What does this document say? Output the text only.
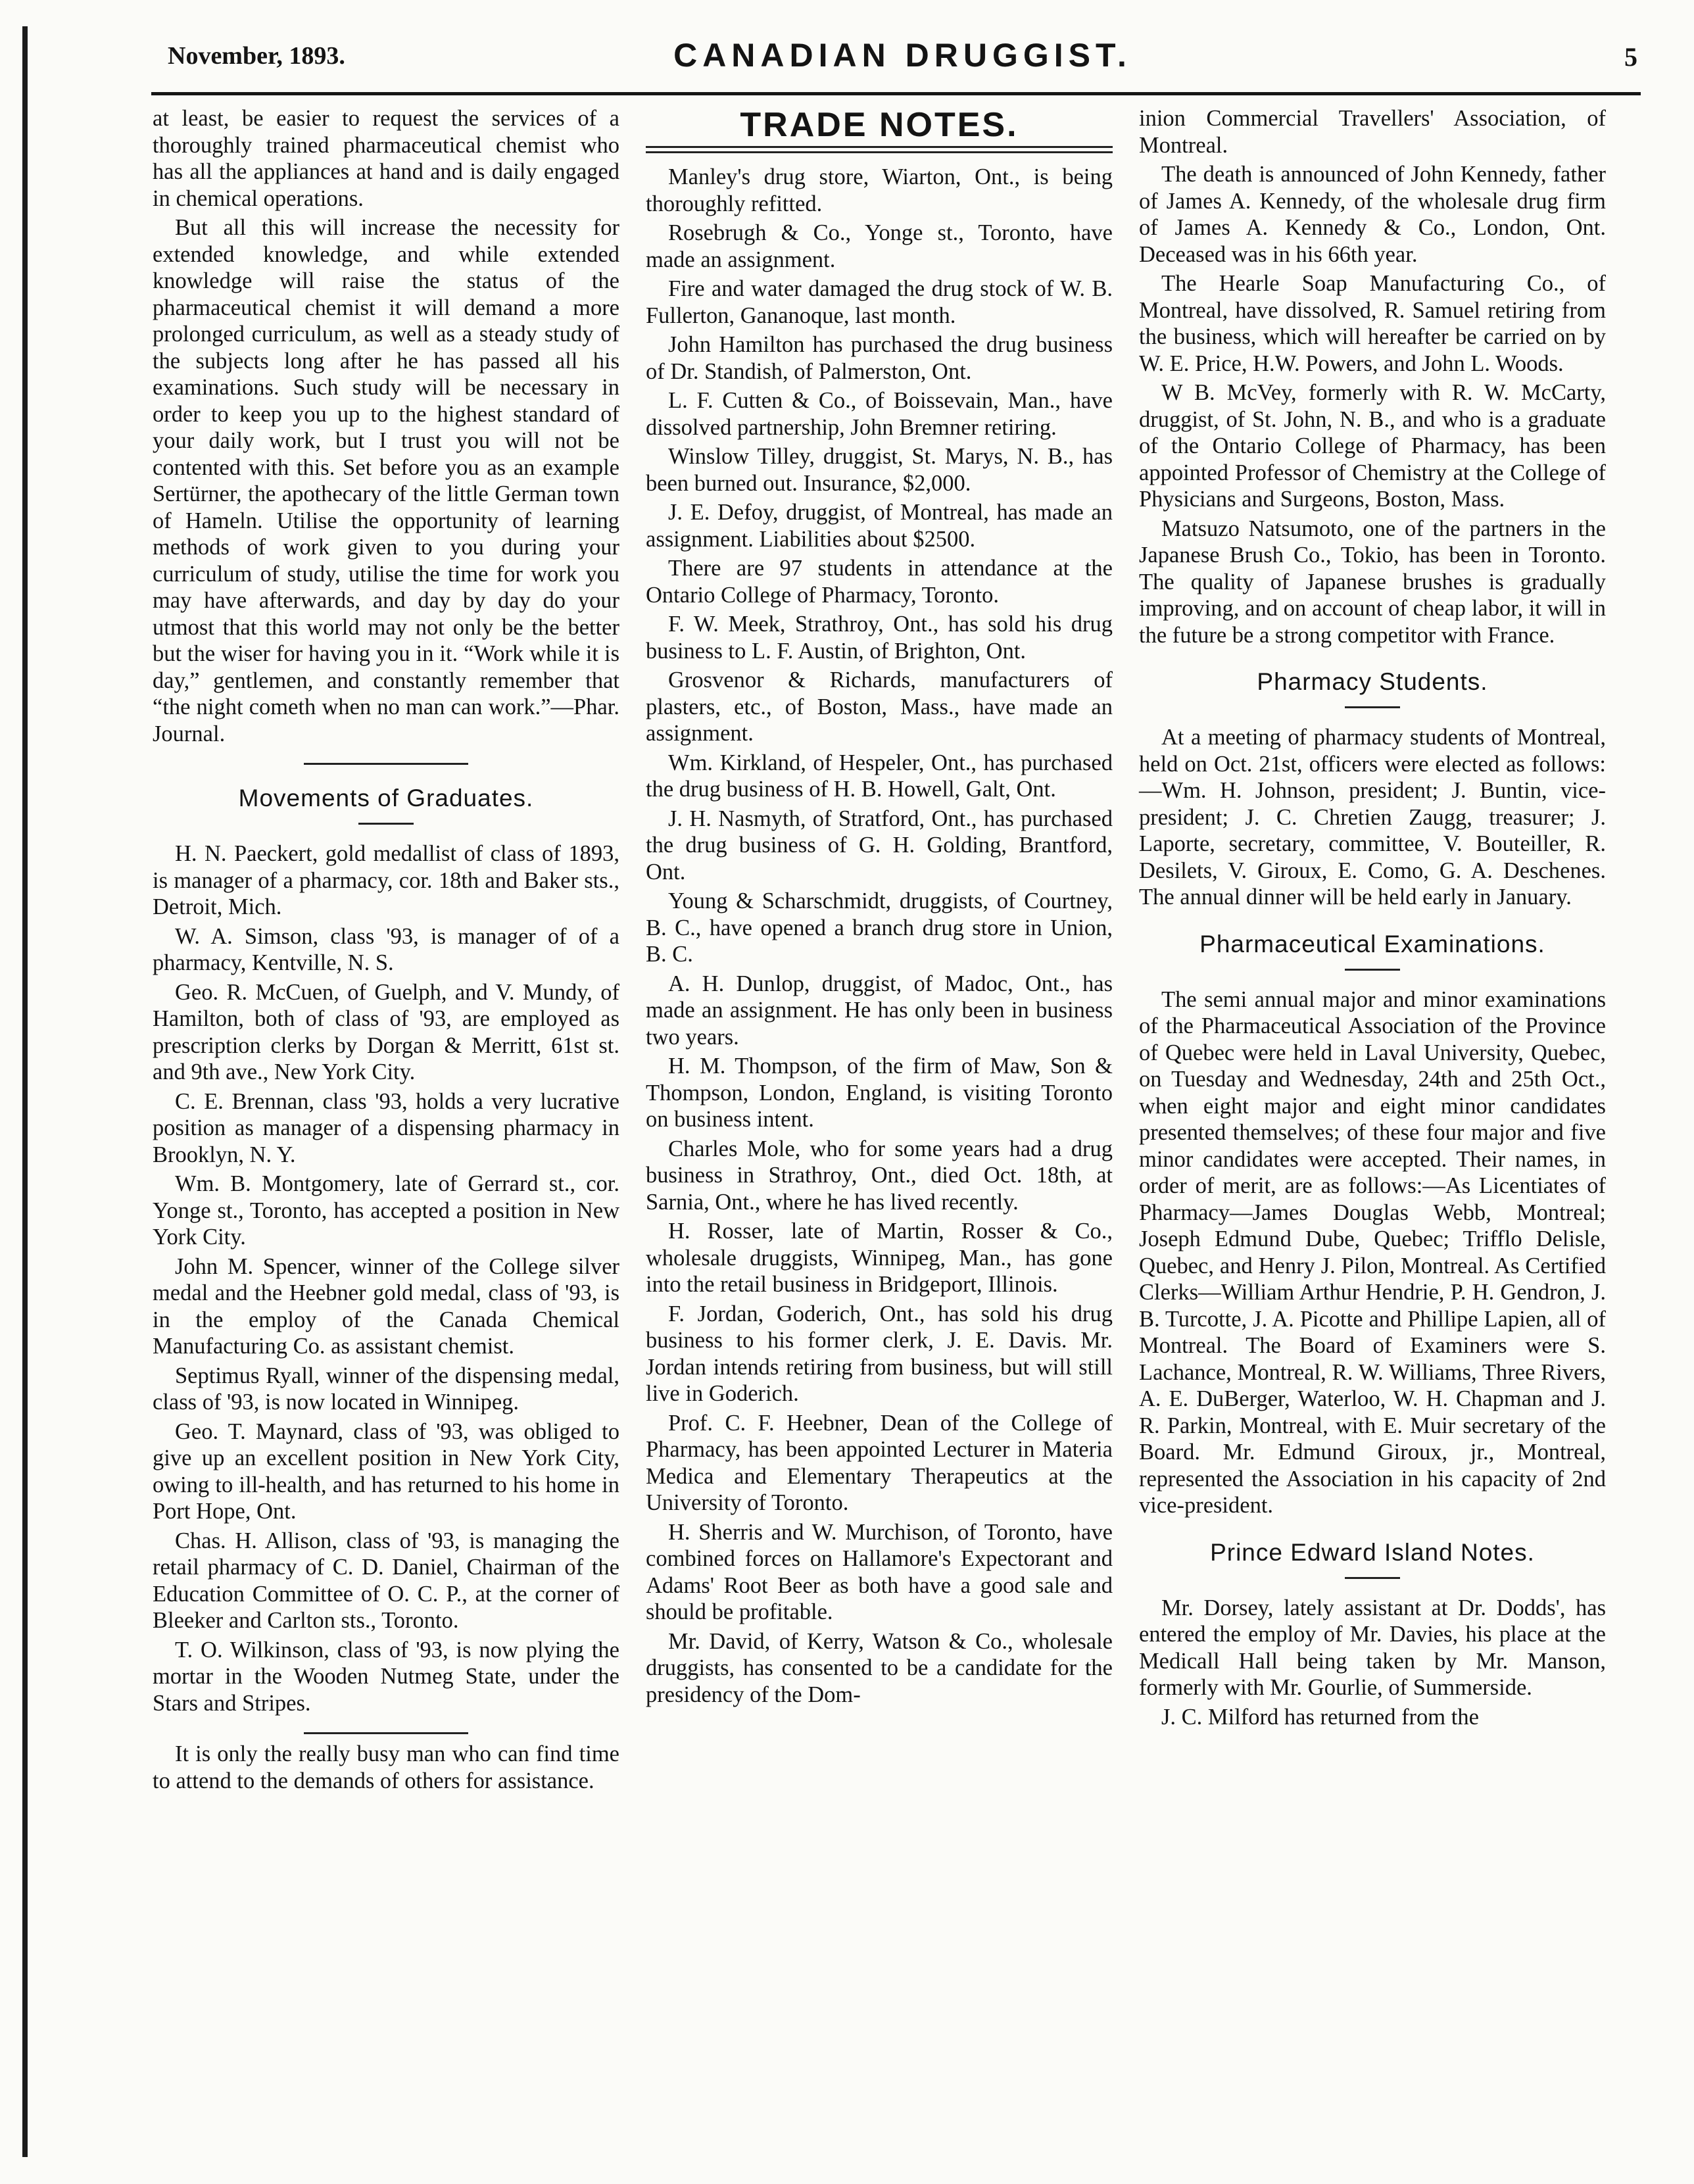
November, 1893.	CANADIAN DRUGGIST.	5

at least, be easier to request the services of a thoroughly trained pharmaceutical chemist who has all the appliances at hand and is daily engaged in chemical operations.

But all this will increase the necessity for extended knowledge, and while extended knowledge will raise the status of the pharmaceutical chemist it will demand a more prolonged curriculum, as well as a steady study of the subjects long after he has passed all his examinations. Such study will be necessary in order to keep you up to the highest standard of your daily work, but I trust you will not be contented with this. Set before you as an example Sertürner, the apothecary of the little German town of Hameln. Utilise the opportunity of learning methods of work given to you during your curriculum of study, utilise the time for work you may have afterwards, and day by day do your utmost that this world may not only be the better but the wiser for having you in it. “Work while it is day,” gentlemen, and constantly remember that “the night cometh when no man can work.”—Phar. Journal.

Movements of Graduates.

H. N. Paeckert, gold medallist of class of 1893, is manager of a pharmacy, cor. 18th and Baker sts., Detroit, Mich.

W. A. Simson, class '93, is manager of of a pharmacy, Kentville, N. S.

Geo. R. McCuen, of Guelph, and V. Mundy, of Hamilton, both of class of '93, are employed as prescription clerks by Dorgan & Merritt, 61st st. and 9th ave., New York City.

C. E. Brennan, class '93, holds a very lucrative position as manager of a dispensing pharmacy in Brooklyn, N. Y.

Wm. B. Montgomery, late of Gerrard st., cor. Yonge st., Toronto, has accepted a position in New York City.

John M. Spencer, winner of the College silver medal and the Heebner gold medal, class of '93, is in the employ of the Canada Chemical Manufacturing Co. as assistant chemist.

Septimus Ryall, winner of the dispensing medal, class of '93, is now located in Winnipeg.

Geo. T. Maynard, class of '93, was obliged to give up an excellent position in New York City, owing to ill-health, and has returned to his home in Port Hope, Ont.

Chas. H. Allison, class of '93, is managing the retail pharmacy of C. D. Daniel, Chairman of the Education Committee of O. C. P., at the corner of Bleeker and Carlton sts., Toronto.

T. O. Wilkinson, class of '93, is now plying the mortar in the Wooden Nutmeg State, under the Stars and Stripes.

It is only the really busy man who can find time to attend to the demands of others for assistance.

TRADE NOTES.

Manley's drug store, Wiarton, Ont., is being thoroughly refitted.

Rosebrugh & Co., Yonge st., Toronto, have made an assignment.

Fire and water damaged the drug stock of W. B. Fullerton, Gananoque, last month.

John Hamilton has purchased the drug business of Dr. Standish, of Palmerston, Ont.

L. F. Cutten & Co., of Boissevain, Man., have dissolved partnership, John Bremner retiring.

Winslow Tilley, druggist, St. Marys, N. B., has been burned out. Insurance, $2,000.

J. E. Defoy, druggist, of Montreal, has made an assignment. Liabilities about $2500.

There are 97 students in attendance at the Ontario College of Pharmacy, Toronto.

F. W. Meek, Strathroy, Ont., has sold his drug business to L. F. Austin, of Brighton, Ont.

Grosvenor & Richards, manufacturers of plasters, etc., of Boston, Mass., have made an assignment.

Wm. Kirkland, of Hespeler, Ont., has purchased the drug business of H. B. Howell, Galt, Ont.

J. H. Nasmyth, of Stratford, Ont., has purchased the drug business of G. H. Golding, Brantford, Ont.

Young & Scharschmidt, druggists, of Courtney, B. C., have opened a branch drug store in Union, B. C.

A. H. Dunlop, druggist, of Madoc, Ont., has made an assignment. He has only been in business two years.

H. M. Thompson, of the firm of Maw, Son & Thompson, London, England, is visiting Toronto on business intent.

Charles Mole, who for some years had a drug business in Strathroy, Ont., died Oct. 18th, at Sarnia, Ont., where he has lived recently.

H. Rosser, late of Martin, Rosser & Co., wholesale druggists, Winnipeg, Man., has gone into the retail business in Bridgeport, Illinois.

F. Jordan, Goderich, Ont., has sold his drug business to his former clerk, J. E. Davis. Mr. Jordan intends retiring from business, but will still live in Goderich.

Prof. C. F. Heebner, Dean of the College of Pharmacy, has been appointed Lecturer in Materia Medica and Elementary Therapeutics at the University of Toronto.

H. Sherris and W. Murchison, of Toronto, have combined forces on Hallamore's Expectorant and Adams' Root Beer as both have a good sale and should be profitable.

Mr. David, of Kerry, Watson & Co., wholesale druggists, has consented to be a candidate for the presidency of the Dom-

inion Commercial Travellers' Association, of Montreal.

The death is announced of John Kennedy, father of James A. Kennedy, of the wholesale drug firm of James A. Kennedy & Co., London, Ont. Deceased was in his 66th year.

The Hearle Soap Manufacturing Co., of Montreal, have dissolved, R. Samuel retiring from the business, which will hereafter be carried on by W. E. Price, H.W. Powers, and John L. Woods.

W B. McVey, formerly with R. W. McCarty, druggist, of St. John, N. B., and who is a graduate of the Ontario College of Pharmacy, has been appointed Professor of Chemistry at the College of Physicians and Surgeons, Boston, Mass.

Matsuzo Natsumoto, one of the partners in the Japanese Brush Co., Tokio, has been in Toronto. The quality of Japanese brushes is gradually improving, and on account of cheap labor, it will in the future be a strong competitor with France.

Pharmacy Students.

At a meeting of pharmacy students of Montreal, held on Oct. 21st, officers were elected as follows:—Wm. H. Johnson, president; J. Buntin, vice-president; J. C. Chretien Zaugg, treasurer; J. Laporte, secretary, committee, V. Bouteiller, R. Desilets, V. Giroux, E. Como, G. A. Deschenes. The annual dinner will be held early in January.

Pharmaceutical Examinations.

The semi annual major and minor examinations of the Pharmaceutical Association of the Province of Quebec were held in Laval University, Quebec, on Tuesday and Wednesday, 24th and 25th Oct., when eight major and eight minor candidates presented themselves; of these four major and five minor candidates were accepted. Their names, in order of merit, are as follows:—As Licentiates of Pharmacy—James Douglas Webb, Montreal; Joseph Edmund Dube, Quebec; Trifflo Delisle, Quebec, and Henry J. Pilon, Montreal. As Certified Clerks—William Arthur Hendrie, P. H. Gendron, J. B. Turcotte, J. A. Picotte and Phillipe Lapien, all of Montreal. The Board of Examiners were S. Lachance, Montreal, R. W. Williams, Three Rivers, A. E. DuBerger, Waterloo, W. H. Chapman and J. R. Parkin, Montreal, with E. Muir secretary of the Board. Mr. Edmund Giroux, jr., Montreal, represented the Association in his capacity of 2nd vice-president.

Prince Edward Island Notes.

Mr. Dorsey, lately assistant at Dr. Dodds', has entered the employ of Mr. Davies, his place at the Medicall Hall being taken by Mr. Manson, formerly with Mr. Gourlie, of Summerside.

J. C. Milford has returned from the
